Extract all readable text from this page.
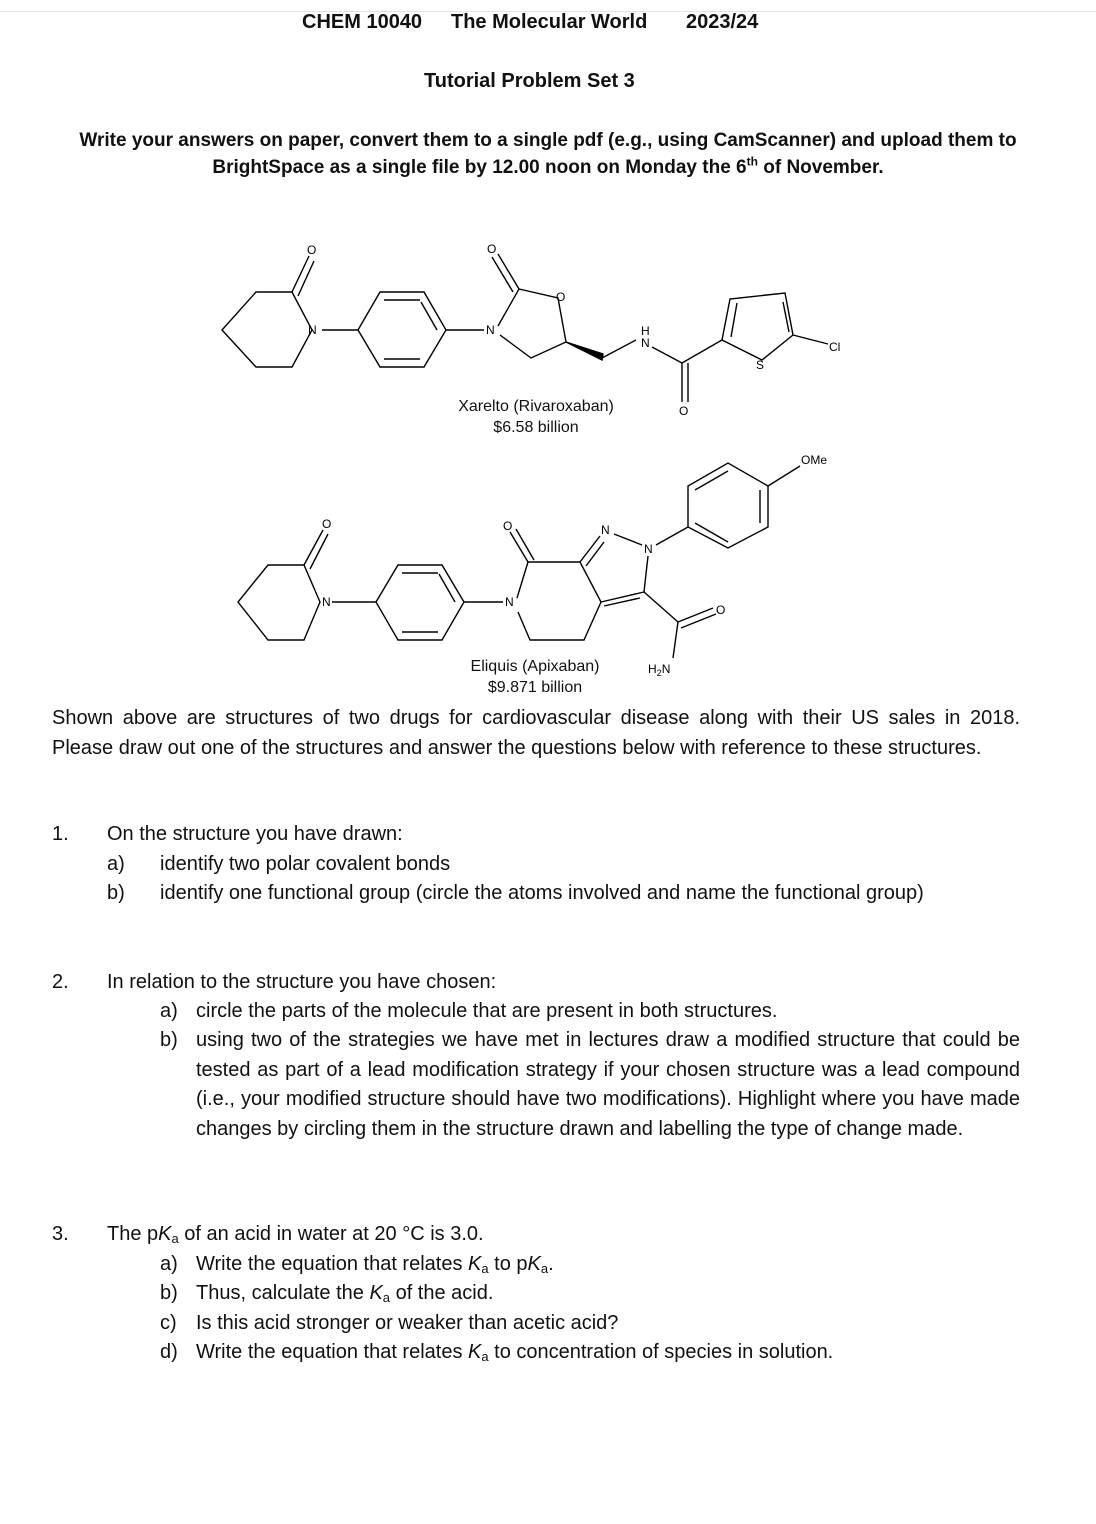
CHEM 10040 The Molecular World 2023/24
Tutorial Problem Set 3
Write your answers on paper, convert them to a single pdf (e.g., using CamScanner) and upload them to BrightSpace as a single file by 12.00 noon on Monday the 6th of November.
O
N	N
O
O
H
N
O
S
Cl
O
N	N
O	N
N
OMe
O
$H_2N$
Xarelto (Rivaroxaban)
$6.58 billion
Eliquis (Apixaban)
$9.871 billion
Shown above are structures of two drugs for cardiovascular disease along with their US sales in 2018. Please draw out one of the structures and answer the questions below with reference to these structures.
1. On the structure you have drawn:
a) identify two polar covalent bonds
b) identify one functional group (circle the atoms involved and name the functional group)
2. In relation to the structure you have chosen:
a) circle the parts of the molecule that are present in both structures.
b) using two of the strategies we have met in lectures draw a modified structure that could be tested as part of a lead modification strategy if your chosen structure was a lead compound (i.e., your modified structure should have two modifications). Highlight where you have made changes by circling them in the structure drawn and labelling the type of change made.
3. The $pK_a$ of an acid in water at 20 °C is 3.0.
a) Write the equation that relates $K_a$ to $pK_a$.
b) Thus, calculate the $K_a$ of the acid.
c) Is this acid stronger or weaker than acetic acid?
d) Write the equation that relates $K_a$ to concentration of species in solution.
